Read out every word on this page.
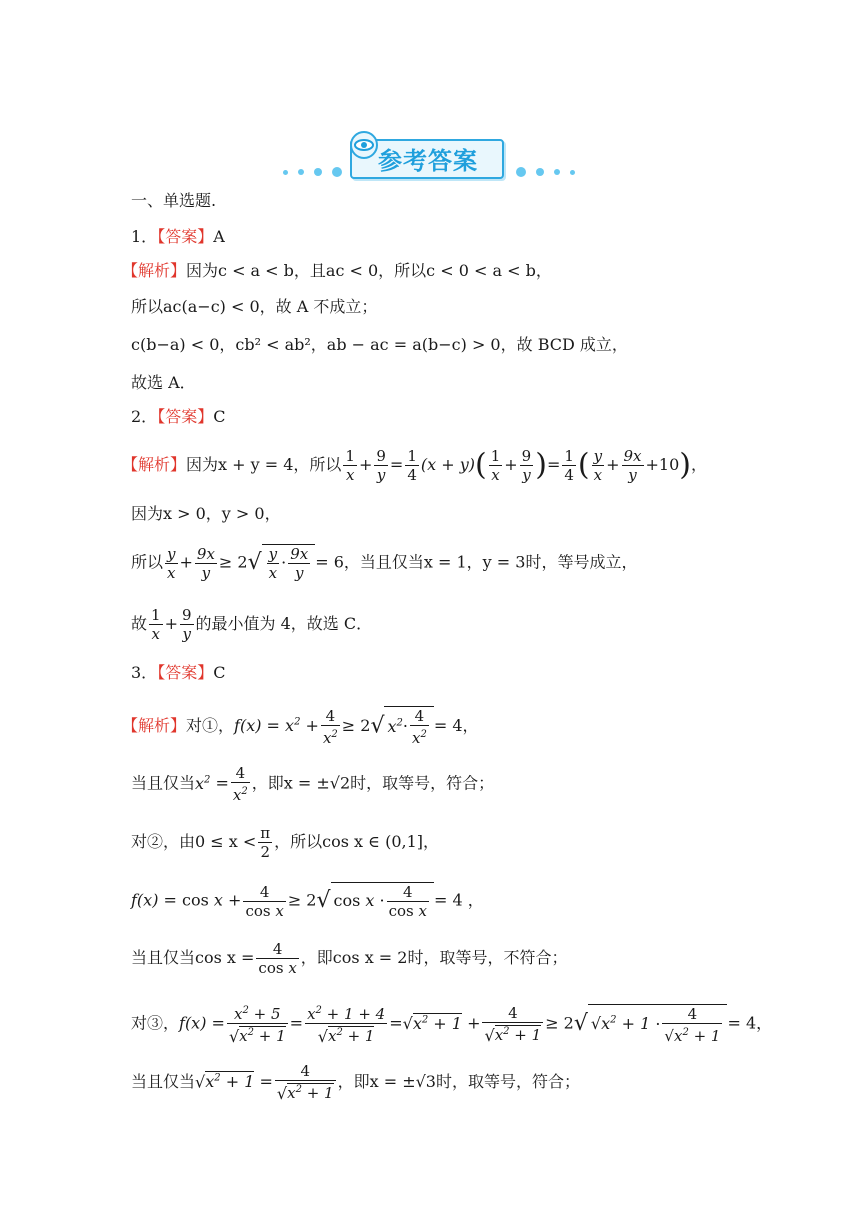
参考答案
一、单选题.
1．【答案】A
【解析】因为c < a < b，且ac < 0，所以c < 0 < a < b，
所以ac(a−c) < 0，故 A 不成立；
c(b−a) < 0，cb² < ab²，ab − ac = a(b−c) > 0，故 BCD 成立，
故选 A．
2．【答案】C
【解析】因为x + y = 4，所以 $\frac{1}{x} + \frac{9}{y} = \frac{1}{4} (x + y)( \frac{1}{x} + \frac{9}{y}$ )= $\frac{1}{4}$ ( $\frac{y}{x} + \frac{9x}{y} +10$)，
因为x > 0，y > 0，
所以 $\frac{y}{x} + \frac{9x}{y} \ge 2√ \frac{y}{x} \cdot \frac{9x}{y} = 6$，当且仅当x = 1，y = 3时，等号成立，
故 $\frac{1}{x} + \frac{9}{y}$ 的最小值为 4，故选 C．
3．【答案】C
【解析】对①，$f(x) = x^2 + \frac{4}{x^2} \ge 2√$ $x^2\cdot \frac{4}{x^2} = 4$，
当且仅当$x^2 = \frac{4}{x^2}$ ，即x = ±√2时，取等号，符合；
对②，由$0 \le x < \frac{\pi}{2}$ ，所以cos x ∈ (0,1]，
$f(x) = \cos x + \frac{4}{\text{cos x}} \ge 2√$ $\cos x \cdot \frac{4}{\text{cos x}} = 4$ ，
当且仅当$\cos x = \frac{4}{\text{cos x}}$ ，即cos x = 2时，取等号，不符合；
对③，$f(x) = \frac{x^2 + 5}{√x^2 + 1} = \frac{x^2 + 1 + 4}{√x^2 + 1} =√x^2 + 1 + \frac{4}{√x^2 + 1} \ge 2√$ $√x^2 + 1 \cdot \frac{4}{√x^2 + 1} = 4$，
当且仅当$√x^2 + 1 = \frac{4}{√x^2 + 1}$ ，即x = ±√3时，取等号，符合；
